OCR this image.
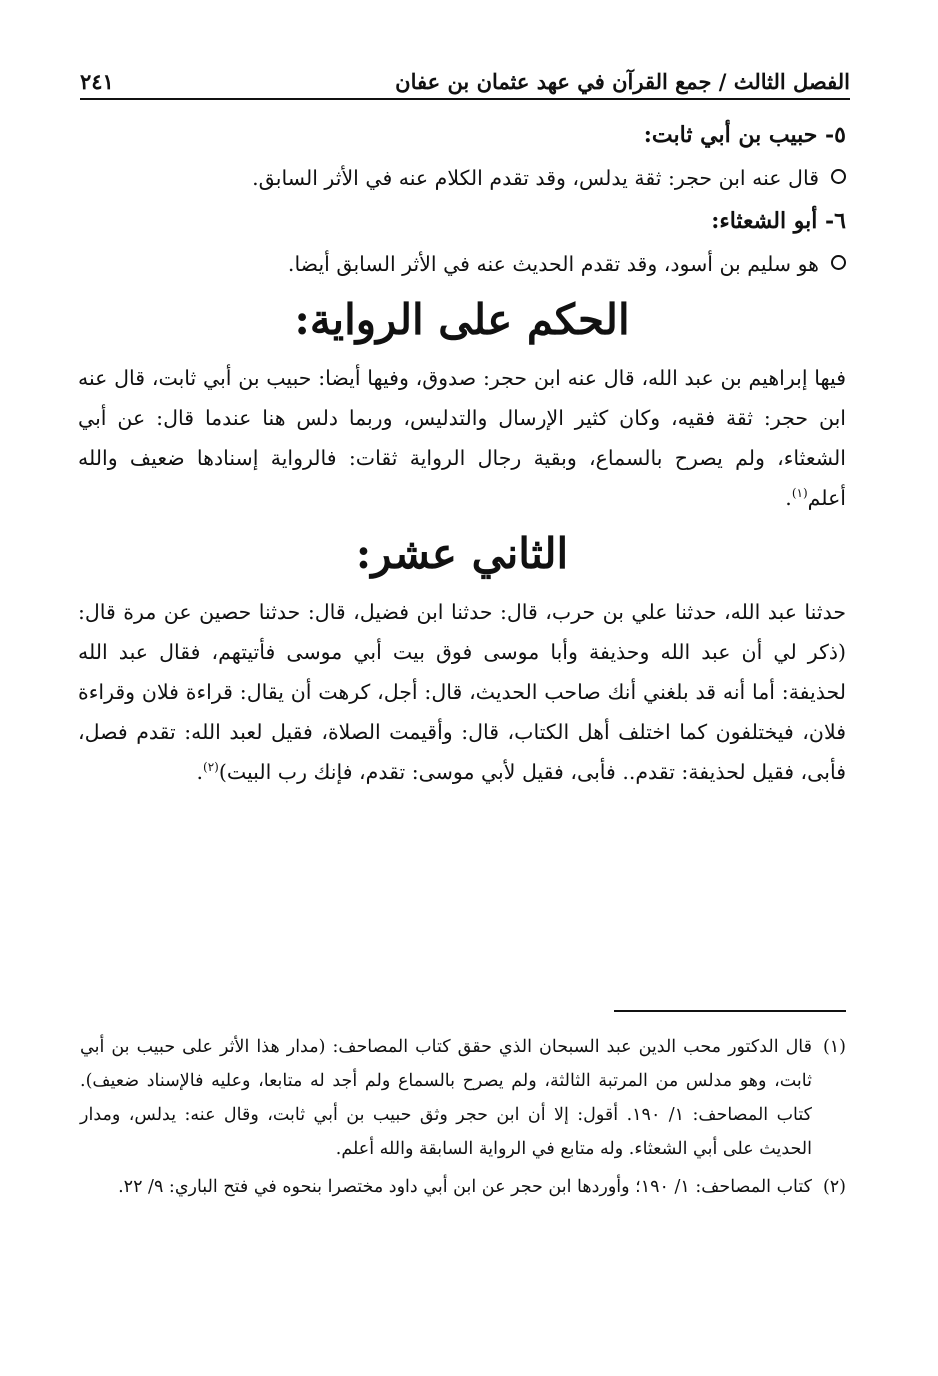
الفصل الثالث / جمع القرآن في عهد عثمان بن عفان
٢٤١
٥- حبيب بن أبي ثابت:
قال عنه ابن حجر: ثقة يدلس، وقد تقدم الكلام عنه في الأثر السابق.
٦- أبو الشعثاء:
هو سليم بن أسود، وقد تقدم الحديث عنه في الأثر السابق أيضا.
الحكم على الرواية:

فيها إبراهيم بن عبد الله، قال عنه ابن حجر: صدوق، وفيها أيضا: حبيب بن أبي ثابت، قال عنه ابن حجر: ثقة فقيه، وكان كثير الإرسال والتدليس، وربما دلس هنا عندما قال: عن أبي الشعثاء، ولم يصرح بالسماع، وبقية رجال الرواية ثقات: فالرواية إسنادها ضعيف والله أعلم$^{(١)}$.

الثاني عشر:

حدثنا عبد الله، حدثنا علي بن حرب، قال: حدثنا ابن فضيل، قال: حدثنا حصين عن مرة قال: (ذكر لي أن عبد الله وحذيفة وأبا موسى فوق بيت أبي موسى فأتيتهم، فقال عبد الله لحذيفة: أما أنه قد بلغني أنك صاحب الحديث، قال: أجل، كرهت أن يقال: قراءة فلان وقراءة فلان، فيختلفون كما اختلف أهل الكتاب، قال: وأقيمت الصلاة، فقيل لعبد الله: تقدم فصل، فأبى، فقيل لحذيفة: تقدم.. فأبى، فقيل لأبي موسى: تقدم، فإنك رب البيت)$^{(٢)}$.

(١)
قال الدكتور محب الدين عبد السبحان الذي حقق كتاب المصاحف: (مدار هذا الأثر على حبيب بن أبي ثابت، وهو مدلس من المرتبة الثالثة، ولم يصرح بالسماع ولم أجد له متابعا، وعليه فالإسناد ضعيف). كتاب المصاحف: ١/ ١٩٠. أقول: إلا أن ابن حجر وثق حبيب بن أبي ثابت، وقال عنه: يدلس، ومدار الحديث على أبي الشعثاء. وله متابع في الرواية السابقة والله أعلم.

(٢)
كتاب المصاحف: ١/ ١٩٠؛ وأوردها ابن حجر عن ابن أبي داود مختصرا بنحوه في فتح الباري: ٩/ ٢٢.
